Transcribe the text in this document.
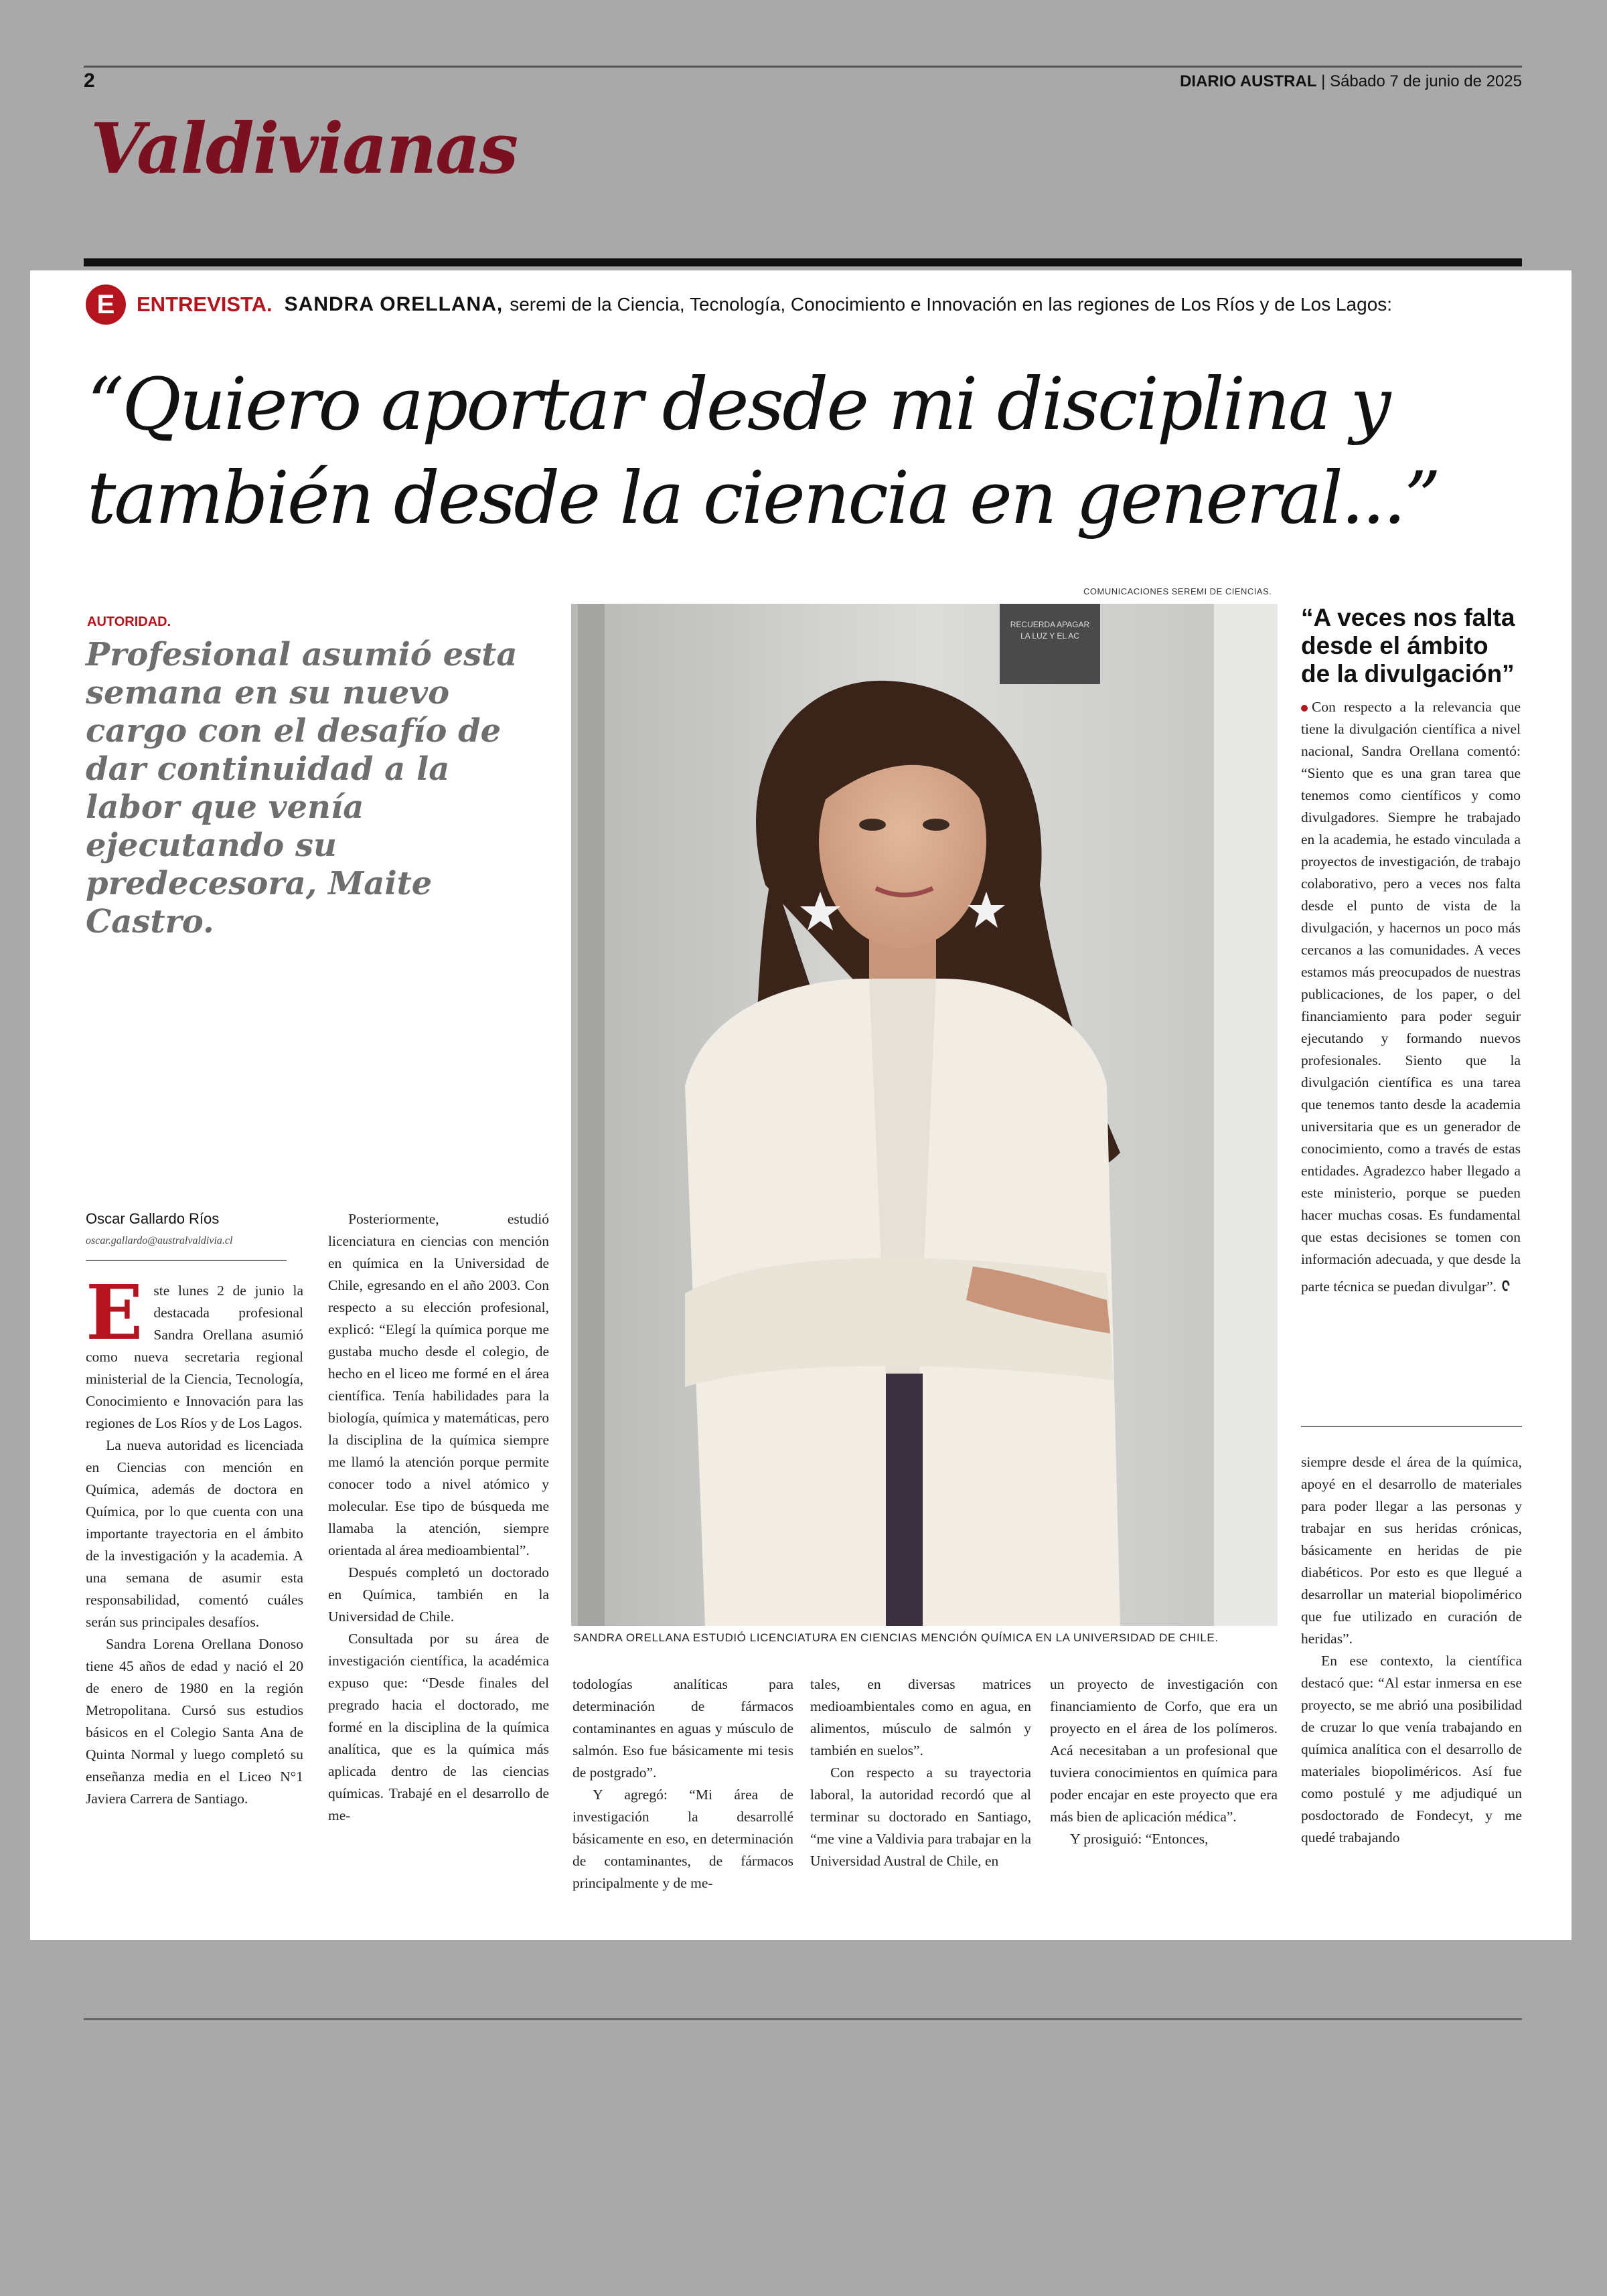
2	DIARIO AUSTRAL | Sábado 7 de junio de 2025
Valdivianas
E	ENTREVISTA. SANDRA ORELLANA, seremi de la Ciencia, Tecnología, Conocimiento e Innovación en las regiones de Los Ríos y de Los Lagos:
“Quiero aportar desde mi disciplina y también desde la ciencia en general...”
AUTORIDAD.
Profesional asumió esta semana en su nuevo cargo con el desafío de dar continuidad a la labor que venía ejecutando su predecesora, Maite Castro.
COMUNICACIONES SEREMI DE CIENCIAS.
RECUERDA APAGAR
LA LUZ Y EL AC
SANDRA ORELLANA ESTUDIÓ LICENCIATURA EN CIENCIAS MENCIÓN QUÍMICA EN LA UNIVERSIDAD DE CHILE.
“A veces nos falta desde el ámbito de la divulgación”
Con respecto a la relevancia que tiene la divulgación científica a nivel nacional, Sandra Orellana comentó: “Siento que es una gran tarea que tenemos como científicos y como divulgadores. Siempre he trabajado en la academia, he estado vinculada a proyectos de investigación, de trabajo colaborativo, pero a veces nos falta desde el punto de vista de la divulgación, y hacernos un poco más cercanos a las comunidades. A veces estamos más preocupados de nuestras publicaciones, de los paper, o del financiamiento para poder seguir ejecutando y formando nuevos profesionales. Siento que la divulgación científica es una tarea que tenemos tanto desde la academia universitaria que es un generador de conocimiento, como a través de estas entidades. Agradezco haber llegado a este ministerio, porque se pueden hacer muchas cosas. Es fundamental que estas decisiones se tomen con información adecuada, y que desde la parte técnica se puedan divulgar”. ᢗ
Oscar Gallardo Ríos
oscar.gallardo@australvaldivia.cl

Este lunes 2 de junio la destacada profesional Sandra Orellana asumió como nueva secretaria regional ministerial de la Ciencia, Tecnología, Conocimiento e Innovación para las regiones de Los Ríos y de Los Lagos.

La nueva autoridad es licenciada en Ciencias con mención en Química, además de doctora en Química, por lo que cuenta con una importante trayectoria en el ámbito de la investigación y la academia. A una semana de asumir esta responsabilidad, comentó cuáles serán sus principales desafíos.

Sandra Lorena Orellana Donoso tiene 45 años de edad y nació el 20 de enero de 1980 en la región Metropolitana. Cursó sus estudios básicos en el Colegio Santa Ana de Quinta Normal y luego completó su enseñanza media en el Liceo N°1 Javiera Carrera de Santiago.

Posteriormente, estudió licenciatura en ciencias con mención en química en la Universidad de Chile, egresando en el año 2003. Con respecto a su elección profesional, explicó: “Elegí la química porque me gustaba mucho desde el colegio, de hecho en el liceo me formé en el área científica. Tenía habilidades para la biología, química y matemáticas, pero la disciplina de la química siempre me llamó la atención porque permite conocer todo a nivel atómico y molecular. Ese tipo de búsqueda me llamaba la atención, siempre orientada al área medioambiental”.

Después completó un doctorado en Química, también en la Universidad de Chile.

Consultada por su área de investigación científica, la académica expuso que: “Desde finales del pregrado hacia el doctorado, me formé en la disciplina de la química analítica, que es la química más aplicada dentro de las ciencias químicas. Trabajé en el desarrollo de me-

todologías analíticas para determinación de fármacos contaminantes en aguas y músculo de salmón. Eso fue básicamente mi tesis de postgrado”.

Y agregó: “Mi área de investigación la desarrollé básicamente en eso, en determinación de contaminantes, de fármacos principalmente y de me-

tales, en diversas matrices medioambientales como en agua, en alimentos, músculo de salmón y también en suelos”.

Con respecto a su trayectoria laboral, la autoridad recordó que al terminar su doctorado en Santiago, “me vine a Valdivia para trabajar en la Universidad Austral de Chile, en

un proyecto de investigación con financiamiento de Corfo, que era un proyecto en el área de los polímeros. Acá necesitaban a un profesional que tuviera conocimientos en química para poder encajar en este proyecto que era más bien de aplicación médica”.

Y prosiguió: “Entonces,

siempre desde el área de la química, apoyé en el desarrollo de materiales para poder llegar a las personas y trabajar en sus heridas crónicas, básicamente en heridas de pie diabéticos. Por esto es que llegué a desarrollar un material biopolimérico que fue utilizado en curación de heridas”.

En ese contexto, la científica destacó que: “Al estar inmersa en ese proyecto, se me abrió una posibilidad de cruzar lo que venía trabajando en química analítica con el desarrollo de materiales biopoliméricos. Así fue como postulé y me adjudiqué un posdoctorado de Fondecyt, y me quedé trabajando
